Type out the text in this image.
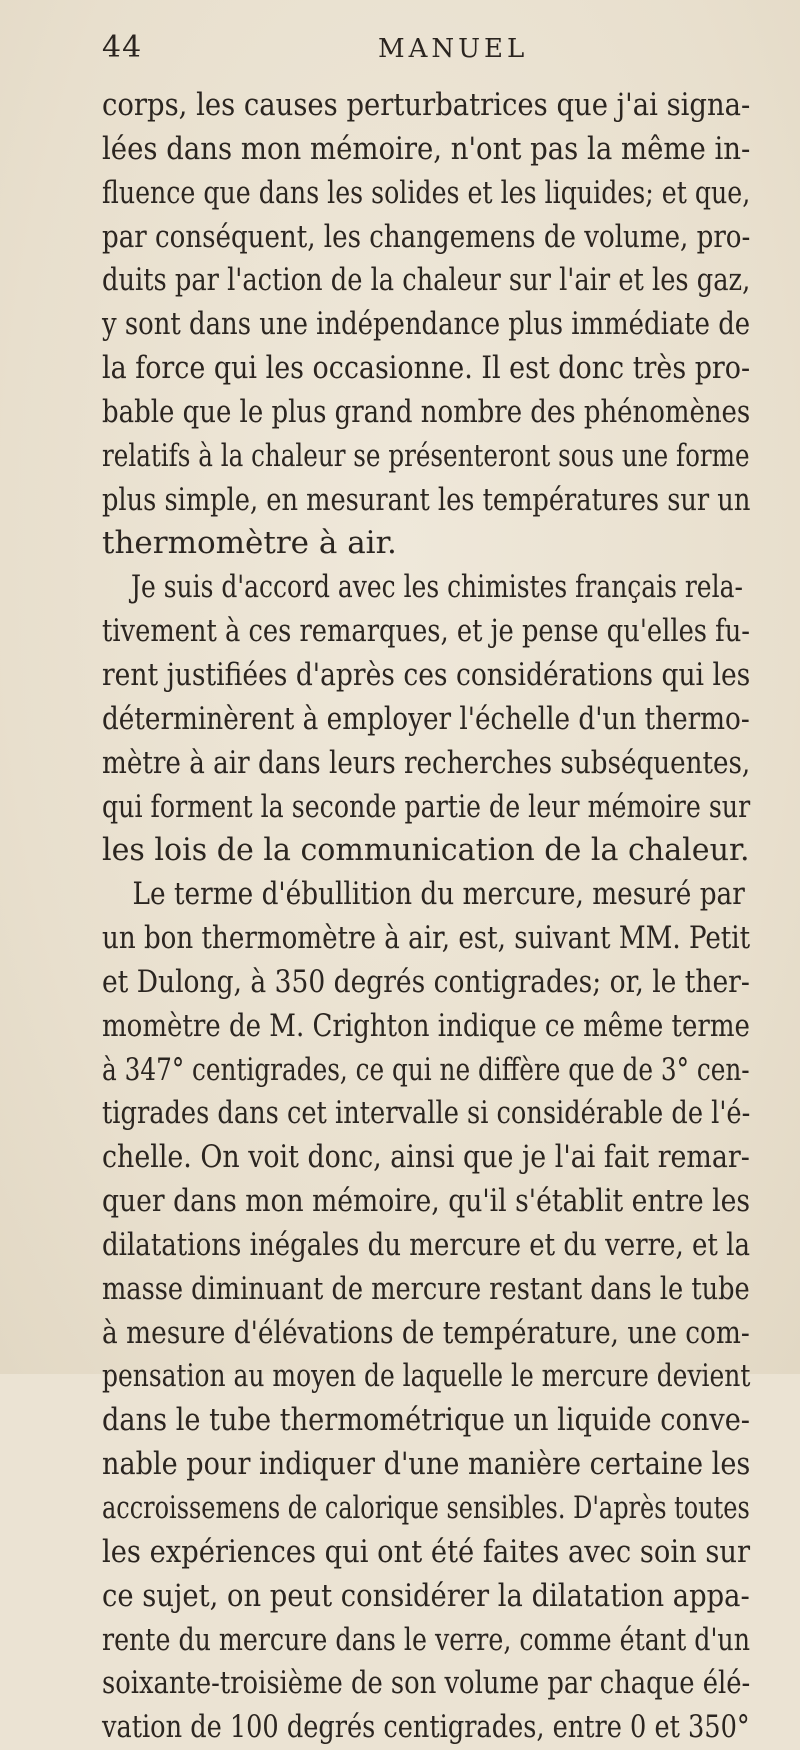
44	MANUEL
corps, les causes perturbatrices que j'ai signa-
lées dans mon mémoire, n'ont pas la même in-
fluence que dans les solides et les liquides; et que,
par conséquent, les changemens de volume, pro-
duits par l'action de la chaleur sur l'air et les gaz,
y sont dans une indépendance plus immédiate de
la force qui les occasionne. Il est donc très pro-
bable que le plus grand nombre des phénomènes
relatifs à la chaleur se présenteront sous une forme
plus simple, en mesurant les températures sur un
thermomètre à air.
Je suis d'accord avec les chimistes français rela-
tivement à ces remarques, et je pense qu'elles fu-
rent justifiées d'après ces considérations qui les
déterminèrent à employer l'échelle d'un thermo-
mètre à air dans leurs recherches subséquentes,
qui forment la seconde partie de leur mémoire sur
les lois de la communication de la chaleur.
Le terme d'ébullition du mercure, mesuré par
un bon thermomètre à air, est, suivant MM. Petit
et Dulong, à 350 degrés contigrades; or, le ther-
momètre de M. Crighton indique ce même terme
à 347° centigrades, ce qui ne diffère que de 3° cen-
tigrades dans cet intervalle si considérable de l'é-
chelle. On voit donc, ainsi que je l'ai fait remar-
quer dans mon mémoire, qu'il s'établit entre les
dilatations inégales du mercure et du verre, et la
masse diminuant de mercure restant dans le tube
à mesure d'élévations de température, une com-
pensation au moyen de laquelle le mercure devient
dans le tube thermométrique un liquide conve-
nable pour indiquer d'une manière certaine les
accroissemens de calorique sensibles. D'après toutes
les expériences qui ont été faites avec soin sur
ce sujet, on peut considérer la dilatation appa-
rente du mercure dans le verre, comme étant d'un
soixante-troisième de son volume par chaque élé-
vation de 100 degrés centigrades, entre 0 et 350°
